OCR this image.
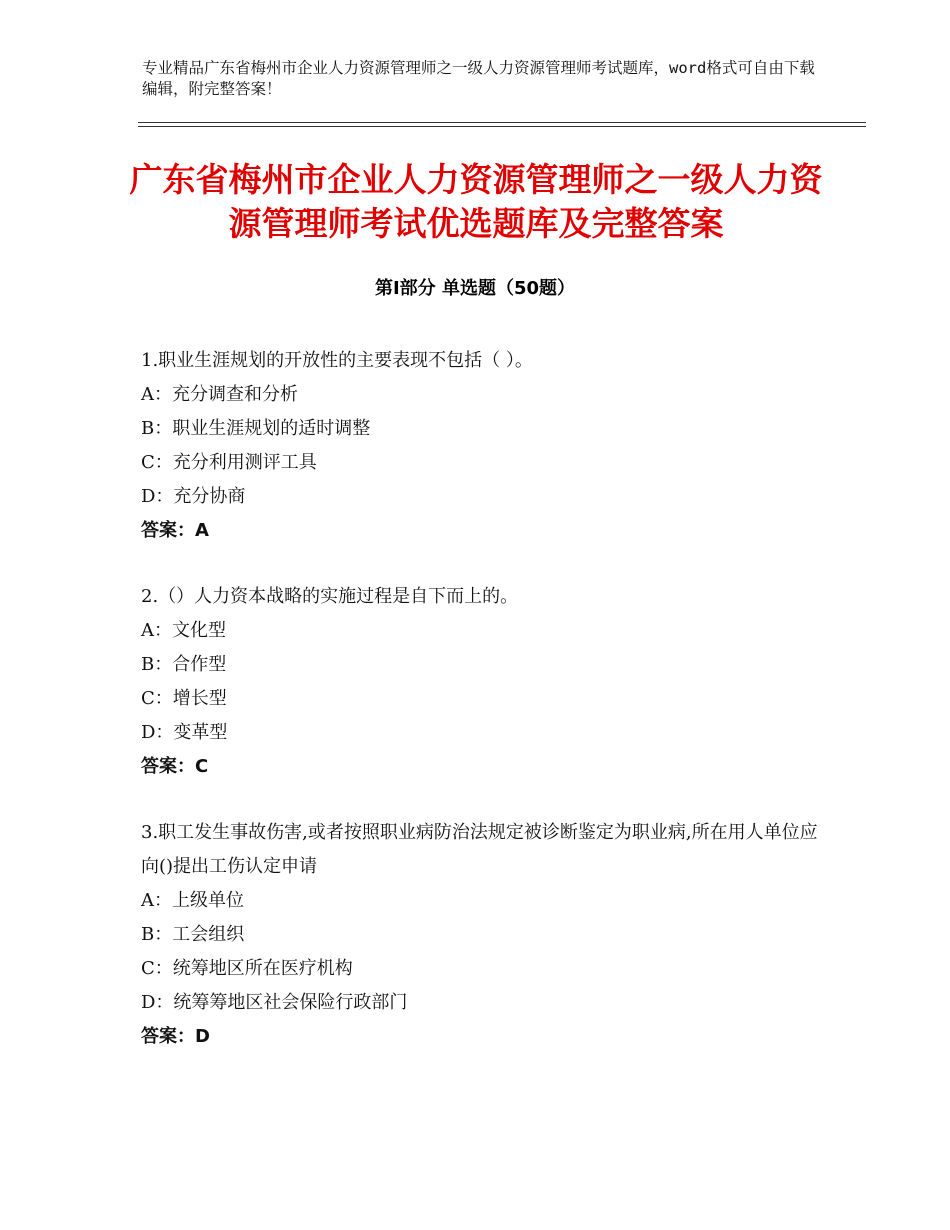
专业精品广东省梅州市企业人力资源管理师之一级人力资源管理师考试题库，word格式可自由下载编辑，附完整答案！
广东省梅州市企业人力资源管理师之一级人力资源管理师考试优选题库及完整答案
第Ⅰ部分 单选题（50题）
1.职业生涯规划的开放性的主要表现不包括（ ）。
A：充分调查和分析
B：职业生涯规划的适时调整
C：充分利用测评工具
D：充分协商
答案：A
2.（）人力资本战略的实施过程是自下而上的。
A：文化型
B：合作型
C：增长型
D：变革型
答案：C
3.职工发生事故伤害,或者按照职业病防治法规定被诊断鉴定为职业病,所在用人单位应向()提出工伤认定申请
A：上级单位
B：工会组织
C：统筹地区所在医疗机构
D：统筹筹地区社会保险行政部门
答案：D
